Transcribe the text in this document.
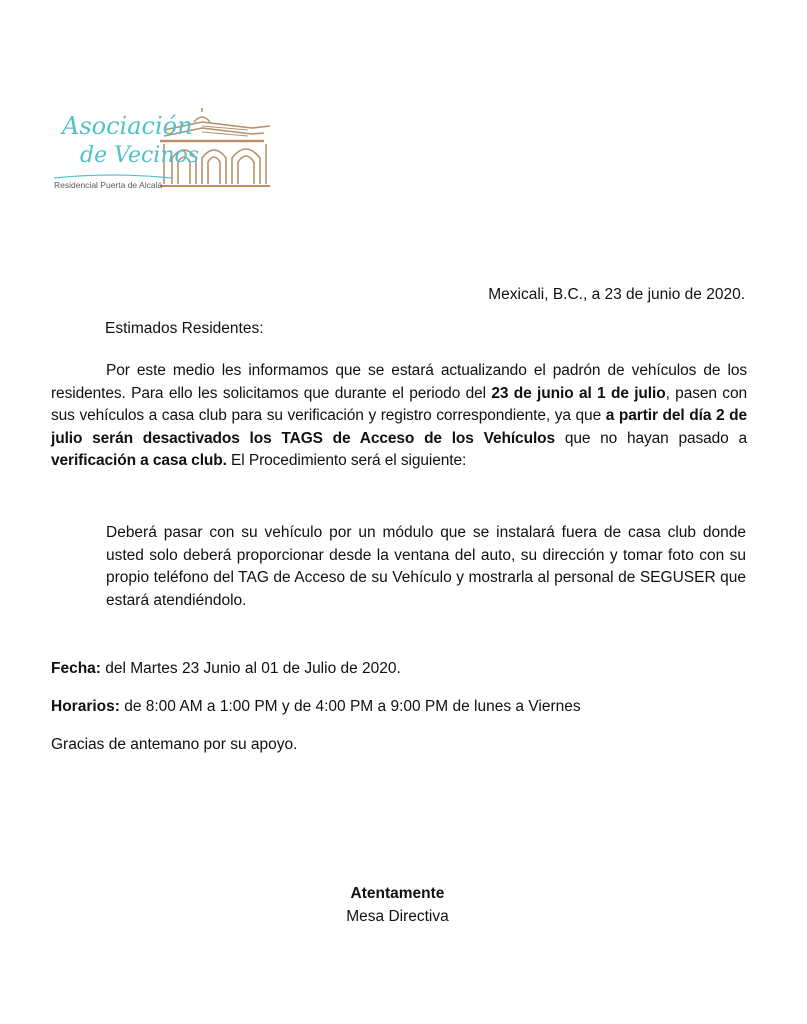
Asociación
de Vecinos
Residencial Puerta de Alcalá
Mexicali, B.C., a 23 de junio de 2020.
Estimados Residentes:
Por este medio les informamos que se estará actualizando el padrón de vehículos de los residentes. Para ello les solicitamos que durante el periodo del 23 de junio al 1 de julio, pasen con sus vehículos a casa club para su verificación y registro correspondiente, ya que a partir del día 2 de julio serán desactivados los TAGS de Acceso de los Vehículos que no hayan pasado a verificación a casa club. El Procedimiento será el siguiente:
Deberá pasar con su vehículo por un módulo que se instalará fuera de casa club donde usted solo deberá proporcionar desde la ventana del auto, su dirección y tomar foto con su propio teléfono del TAG de Acceso de su Vehículo y mostrarla al personal de SEGUSER que estará atendiéndolo.
Fecha: del Martes 23 Junio al 01 de Julio de 2020.
Horarios: de 8:00 AM a 1:00 PM y de 4:00 PM a 9:00 PM de lunes a Viernes
Gracias de antemano por su apoyo.
Atentamente
Mesa Directiva
